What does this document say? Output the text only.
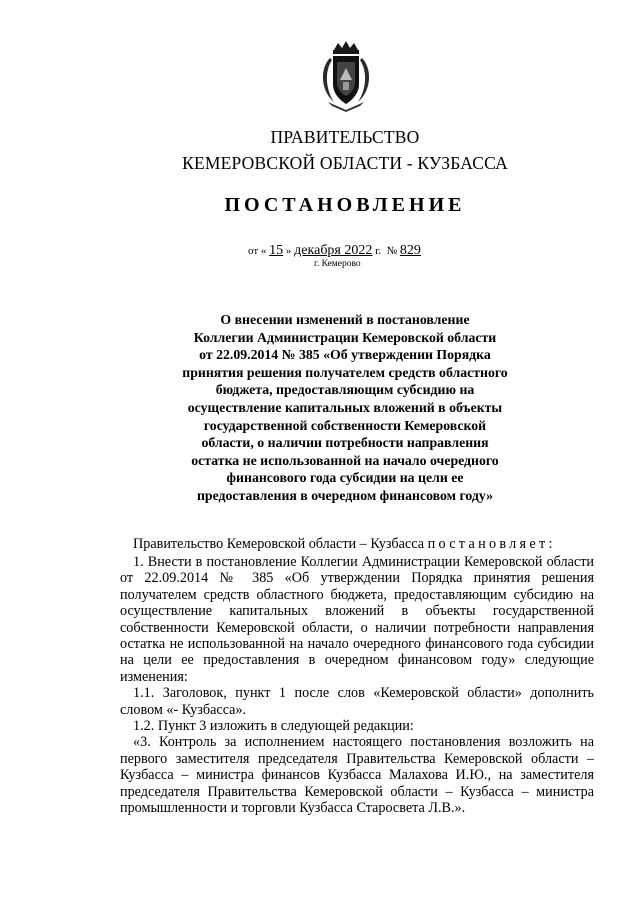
ПРАВИТЕЛЬСТВО
КЕМЕРОВСКОЙ ОБЛАСТИ - КУЗБАССА
ПОСТАНОВЛЕНИЕ
от « 15 » декабря 2022 г. № 829
г. Кемерово
О внесении изменений в постановление
Коллегии Администрации Кемеровской области
от 22.09.2014 № 385 «Об утверждении Порядка
принятия решения получателем средств областного
бюджета, предоставляющим субсидию на
осуществление капитальных вложений в объекты
государственной собственности Кемеровской
области, о наличии потребности направления
остатка не использованной на начало очередного
финансового года субсидии на цели ее
предоставления в очередном финансовом году»
Правительство Кемеровской области – Кузбасса постановляет:

1. Внести в постановление Коллегии Администрации Кемеровской области от 22.09.2014 № 385 «Об утверждении Порядка принятия решения получателем средств областного бюджета, предоставляющим субсидию на осуществление капитальных вложений в объекты государственной собственности Кемеровской области, о наличии потребности направления остатка не использованной на начало очередного финансового года субсидии на цели ее предоставления в очередном финансовом году» следующие изменения:

1.1. Заголовок, пункт 1 после слов «Кемеровской области» дополнить словом «- Кузбасса».

1.2. Пункт 3 изложить в следующей редакции:

«3. Контроль за исполнением настоящего постановления возложить на первого заместителя председателя Правительства Кемеровской области – Кузбасса – министра финансов Кузбасса Малахова И.Ю., на заместителя председателя Правительства Кемеровской области – Кузбасса – министра промышленности и торговли Кузбасса Старосвета Л.В.».
